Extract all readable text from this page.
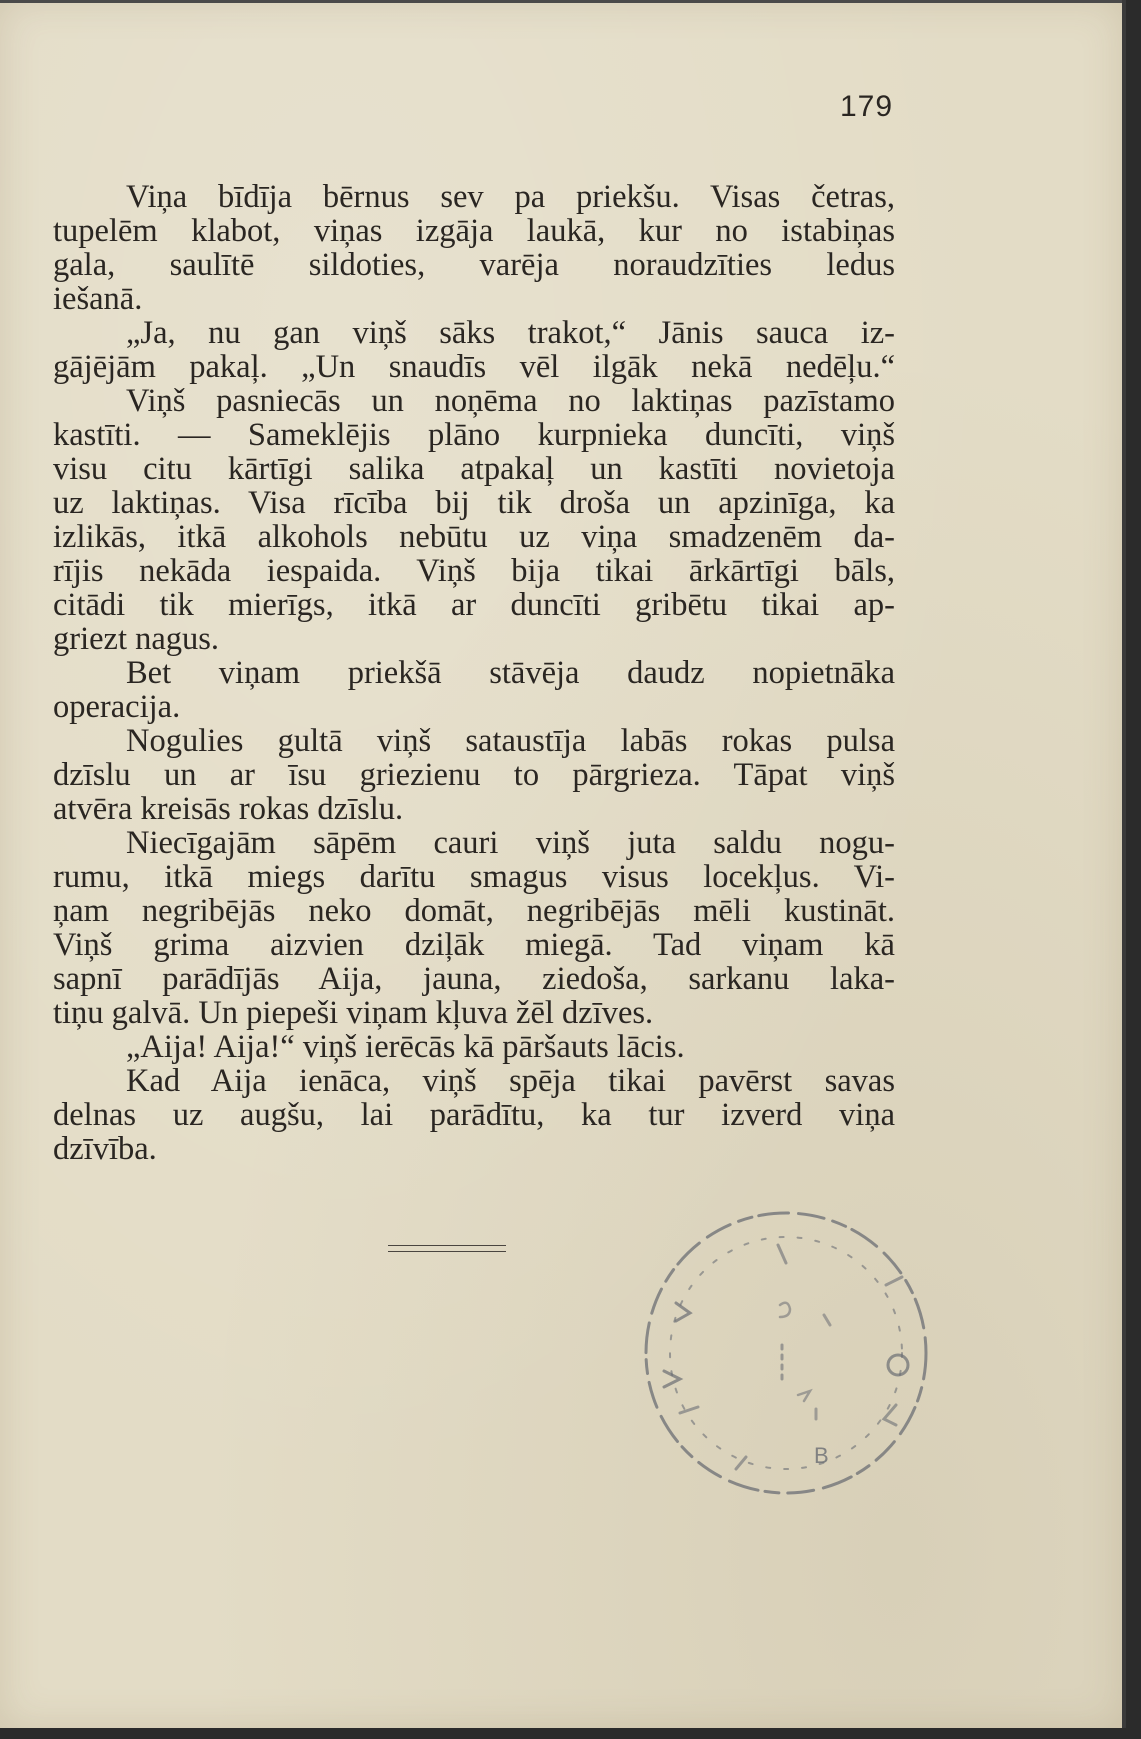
179
Viņa bīdīja bērnus sev pa priekšu. Visas četras,
tupelēm klabot, viņas izgāja laukā, kur no istabiņas
gala, saulītē sildoties, varēja noraudzīties ledus
iešanā.
„Ja, nu gan viņš sāks trakot,“ Jānis sauca iz-
gājējām pakaļ. „Un snaudīs vēl ilgāk nekā nedēļu.“
Viņš pasniecās un noņēma no laktiņas pazīstamo
kastīti. — Sameklējis plāno kurpnieka duncīti, viņš
visu citu kārtīgi salika atpakaļ un kastīti novietoja
uz laktiņas. Visa rīcība bij tik droša un apzinīga, ka
izlikās, itkā alkohols nebūtu uz viņa smadzenēm da-
rījis nekāda iespaida. Viņš bija tikai ārkārtīgi bāls,
citādi tik mierīgs, itkā ar duncīti gribētu tikai ap-
griezt nagus.
Bet viņam priekšā stāvēja daudz nopietnāka
operacija.
Nogulies gultā viņš sataustīja labās rokas pulsa
dzīslu un ar īsu griezienu to pārgrieza. Tāpat viņš
atvēra kreisās rokas dzīslu.
Niecīgajām sāpēm cauri viņš juta saldu nogu-
rumu, itkā miegs darītu smagus visus locekļus. Vi-
ņam negribējās neko domāt, negribējās mēli kustināt.
Viņš grima aizvien dziļāk miegā. Tad viņam kā
sapnī parādījās Aija, jauna, ziedoša, sarkanu laka-
tiņu galvā. Un piepeši viņam kļuva žēl dzīves.
„Aija! Aija!“ viņš ierēcās kā pāršauts lācis.
Kad Aija ienāca, viņš spēja tikai pavērst savas
delnas uz augšu, lai parādītu, ka tur izverd viņa
dzīvība.
B
